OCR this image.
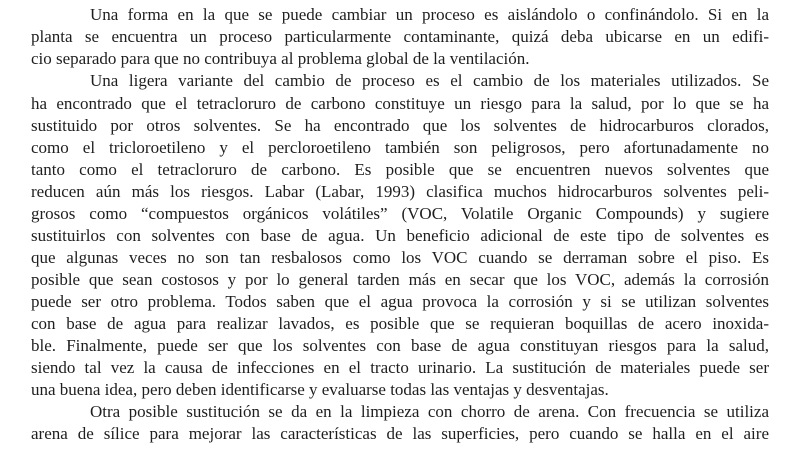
Una forma en la que se puede cambiar un proceso es aislándolo o confinándolo. Si en la

planta se encuentra un proceso particularmente contaminante, quizá deba ubicarse en un edifi-

cio separado para que no contribuya al problema global de la ventilación.

Una ligera variante del cambio de proceso es el cambio de los materiales utilizados. Se

ha encontrado que el tetracloruro de carbono constituye un riesgo para la salud, por lo que se ha

sustituido por otros solventes. Se ha encontrado que los solventes de hidrocarburos clorados,

como el tricloroetileno y el percloroetileno también son peligrosos, pero afortunadamente no

tanto como el tetracloruro de carbono. Es posible que se encuentren nuevos solventes que

reducen aún más los riesgos. Labar (Labar, 1993) clasifica muchos hidrocarburos solventes peli-

grosos como “compuestos orgánicos volátiles” (VOC, Volatile Organic Compounds) y sugiere

sustituirlos con solventes con base de agua. Un beneficio adicional de este tipo de solventes es

que algunas veces no son tan resbalosos como los VOC cuando se derraman sobre el piso. Es

posible que sean costosos y por lo general tarden más en secar que los VOC, además la corrosión

puede ser otro problema. Todos saben que el agua provoca la corrosión y si se utilizan solventes

con base de agua para realizar lavados, es posible que se requieran boquillas de acero inoxida-

ble. Finalmente, puede ser que los solventes con base de agua constituyan riesgos para la salud,

siendo tal vez la causa de infecciones en el tracto urinario. La sustitución de materiales puede ser

una buena idea, pero deben identificarse y evaluarse todas las ventajas y desventajas.

Otra posible sustitución se da en la limpieza con chorro de arena. Con frecuencia se utiliza

arena de sílice para mejorar las características de las superficies, pero cuando se halla en el aire
